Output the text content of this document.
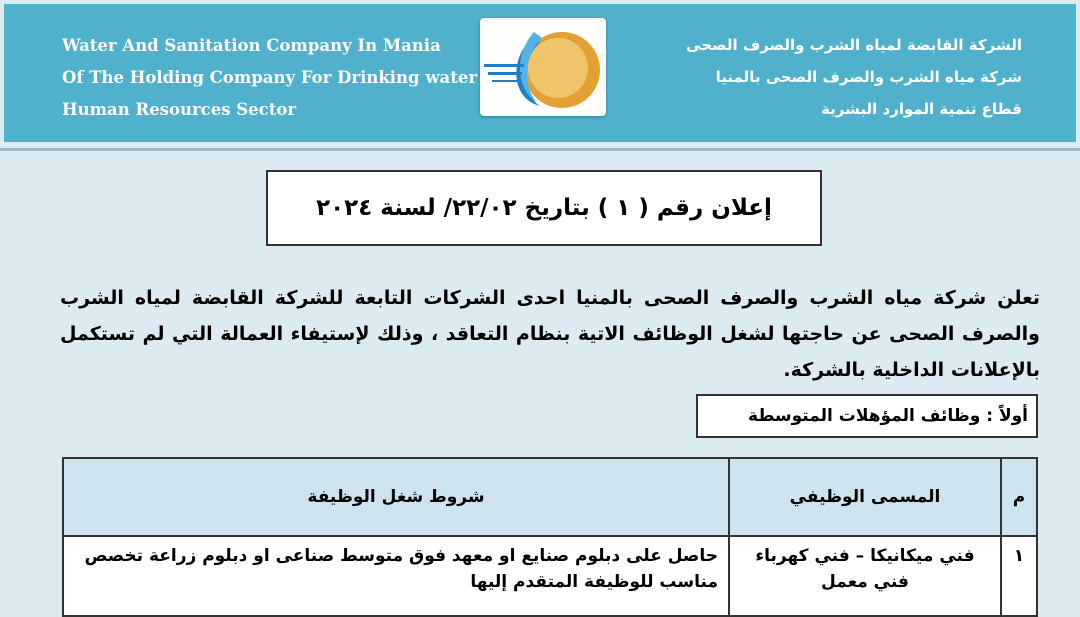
Water And Sanitation Company In Mania
Of The Holding Company For Drinking water
Human Resources Sector
الشركة القابضة لمياه الشرب والصرف الصحى
شركة مياه الشرب والصرف الصحى بالمنيا
قطاع تنمية الموارد البشرية
إعلان رقم ( ١ ) بتاريخ ٢٢/٠٢/ لسنة ٢٠٢٤
تعلن شركة مياه الشرب والصرف الصحى بالمنيا احدى الشركات التابعة للشركة القابضة لمياه الشرب والصرف الصحى عن حاجتها لشغل الوظائف الاتية بنظام التعاقد ، وذلك لإستيفاء العمالة التي لم تستكمل بالإعلانات الداخلية بالشركة.
أولاً : وظائف المؤهلات المتوسطة
م	المسمى الوظيفي	شروط شغل الوظيفة
١	فني ميكانيكا – فني كهرباء فني معمل	حاصل على دبلوم صنايع او معهد فوق متوسط صناعى او دبلوم زراعة تخصص مناسب للوظيفة المتقدم إليها
